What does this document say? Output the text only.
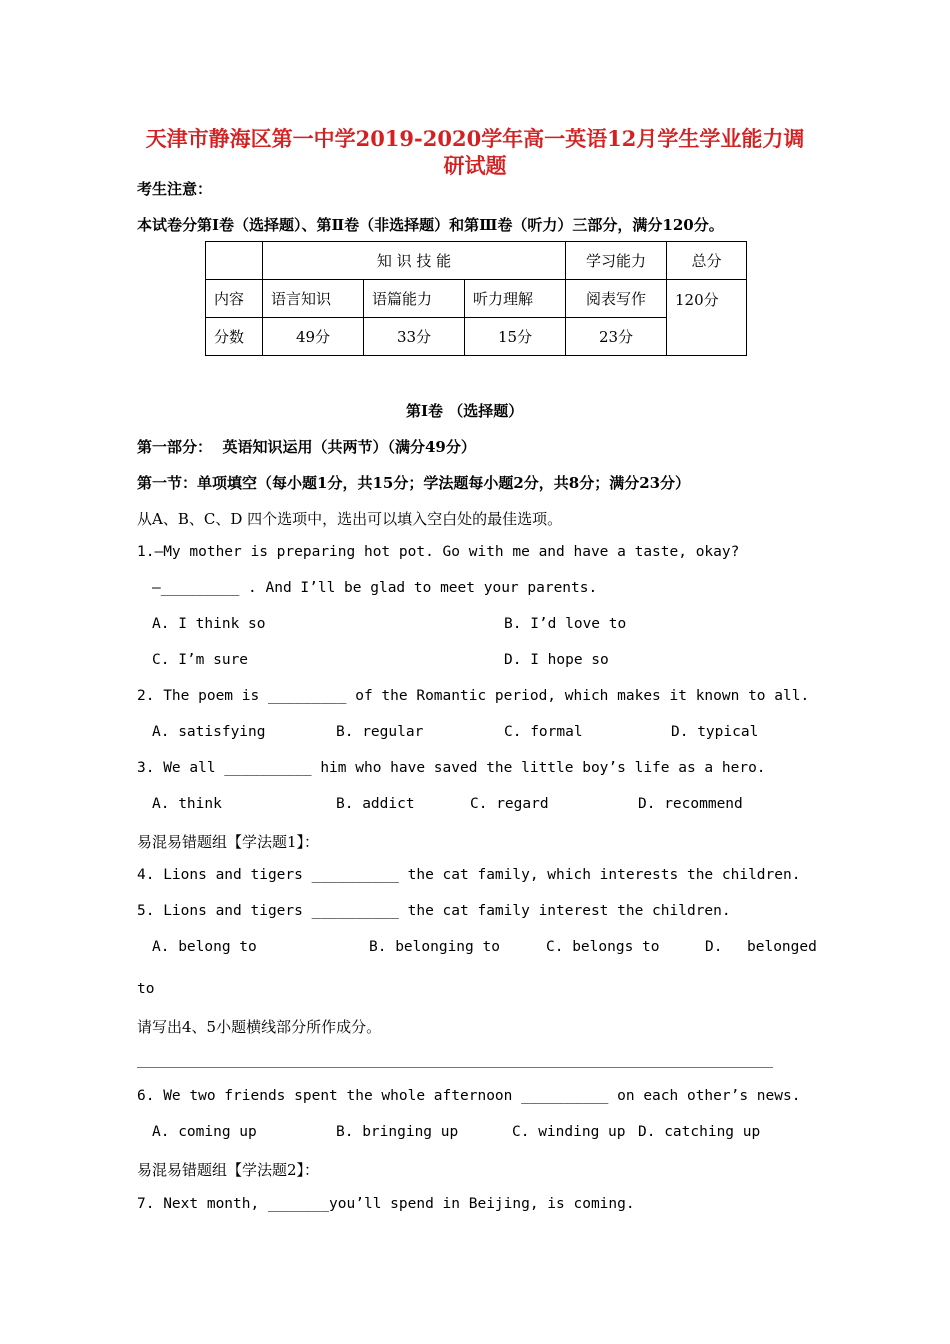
天津市静海区第一中学2019-2020学年高一英语12月学生学业能力调
研试题
考生注意：
本试卷分第Ⅰ卷（选择题）、第Ⅱ卷（非选择题）和第Ⅲ卷（听力）三部分，满分120分。
	知 识 技 能			学习能力	总分
内容	语言知识	语篇能力	听力理解	阅表写作	120分
分数	49分	33分	15分	23分	
第Ⅰ卷 （选择题）
第一部分：  英语知识运用（共两节）（满分49分）
第一节：单项填空（每小题1分，共15分；学法题每小题2分，共8分；满分23分）
从A、B、C、D 四个选项中，选出可以填入空白处的最佳选项。
1.—My mother is preparing hot pot. Go with me and have a taste, okay?
—_________ . And I’ll be glad to meet your parents.
A. I think so	B. I’d love to
C. I’m sure	D. I hope so
2. The poem is _________ of the Romantic period, which makes it known to all.
A. satisfying	B. regular	C. formal	D. typical
3. We all __________ him who have saved the little boy’s life as a hero.
A. think	B. addict	C. regard	D. recommend
易混易错题组【学法题1】：
4. Lions and tigers __________ the cat family, which interests the children.
5. Lions and tigers __________ the cat family interest the children.
A. belong to	B. belonging to	C. belongs to	D. belonged
to
请写出4、5小题横线部分所作成分。
6. We two friends spent the whole afternoon __________ on each other’s news.
A. coming up	B. bringing up	C. winding up D. catching up
易混易错题组【学法题2】：
7. Next month, _______you’ll spend in Beijing, is coming.
